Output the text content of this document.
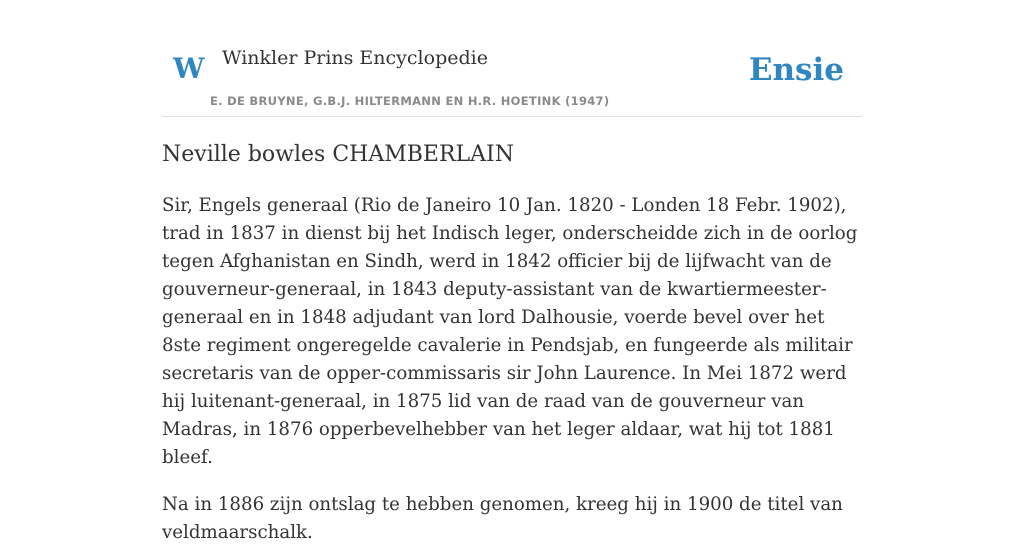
W Winkler Prins Encyclopedie
E. DE BRUYNE, G.B.J. HILTERMANN EN H.R. HOETINK (1947)
Ensie
Neville bowles CHAMBERLAIN

Sir, Engels generaal (Rio de Janeiro 10 Jan. 1820 - Londen 18 Febr. 1902), trad in 1837 in dienst bij het Indisch leger, onderscheidde zich in de oorlog tegen Afghanistan en Sindh, werd in 1842 officier bij de lijfwacht van de gouverneur-generaal, in 1843 deputy-assistant van de kwartiermeester-generaal en in 1848 adjudant van lord Dalhousie, voerde bevel over het 8ste regiment ongeregelde cavalerie in Pendsjab, en fungeerde als militair secretaris van de opper-commissaris sir John Laurence. In Mei 1872 werd hij luitenant-generaal, in 1875 lid van de raad van de gouverneur van Madras, in 1876 opperbevelhebber van het leger aldaar, wat hij tot 1881 bleef.

Na in 1886 zijn ontslag te hebben genomen, kreeg hij in 1900 de titel van veldmaarschalk.
